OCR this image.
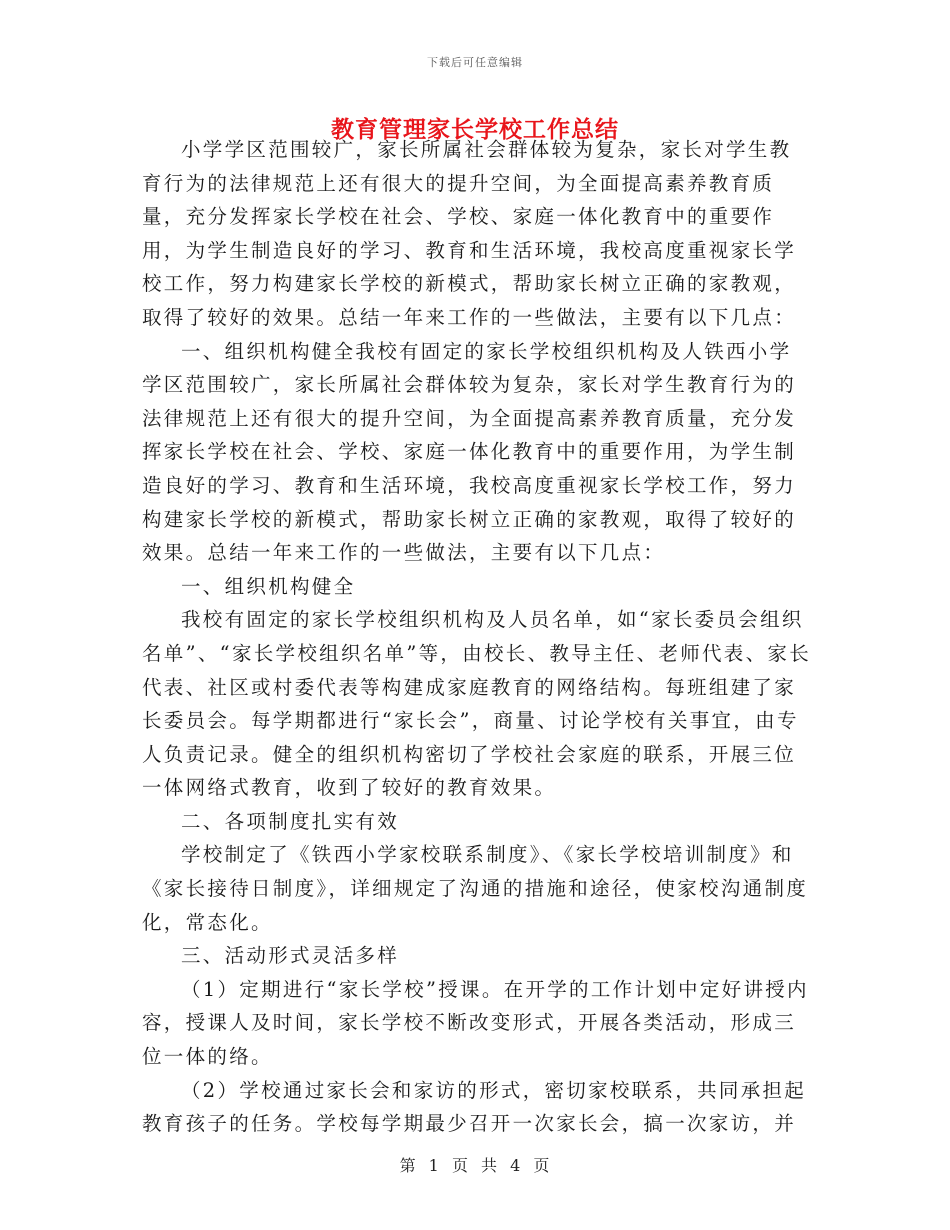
下载后可任意编辑
教育管理家长学校工作总结

小学学区范围较广，家长所属社会群体较为复杂，家长对学生教育行为的法律规范上还有很大的提升空间，为全面提高素养教育质量，充分发挥家长学校在社会、学校、家庭一体化教育中的重要作用，为学生制造良好的学习、教育和生活环境，我校高度重视家长学校工作，努力构建家长学校的新模式，帮助家长树立正确的家教观，取得了较好的效果。总结一年来工作的一些做法，主要有以下几点：

一、组织机构健全我校有固定的家长学校组织机构及人铁西小学学区范围较广，家长所属社会群体较为复杂，家长对学生教育行为的法律规范上还有很大的提升空间，为全面提高素养教育质量，充分发挥家长学校在社会、学校、家庭一体化教育中的重要作用，为学生制造良好的学习、教育和生活环境，我校高度重视家长学校工作，努力构建家长学校的新模式，帮助家长树立正确的家教观，取得了较好的效果。总结一年来工作的一些做法，主要有以下几点：

一、组织机构健全

我校有固定的家长学校组织机构及人员名单，如“家长委员会组织名单”、“家长学校组织名单”等，由校长、教导主任、老师代表、家长代表、社区或村委代表等构建成家庭教育的网络结构。每班组建了家长委员会。每学期都进行“家长会”，商量、讨论学校有关事宜，由专人负责记录。健全的组织机构密切了学校社会家庭的联系，开展三位一体网络式教育，收到了较好的教育效果。

二、各项制度扎实有效

学校制定了《铁西小学家校联系制度》、《家长学校培训制度》和《家长接待日制度》，详细规定了沟通的措施和途径，使家校沟通制度化，常态化。

三、活动形式灵活多样

（1）定期进行“家长学校”授课。在开学的工作计划中定好讲授内容，授课人及时间，家长学校不断改变形式，开展各类活动，形成三位一体的络。

（2）学校通过家长会和家访的形式，密切家校联系，共同承担起教育孩子的任务。学校每学期最少召开一次家长会，搞一次家访，并

第 1 页 共 4 页
